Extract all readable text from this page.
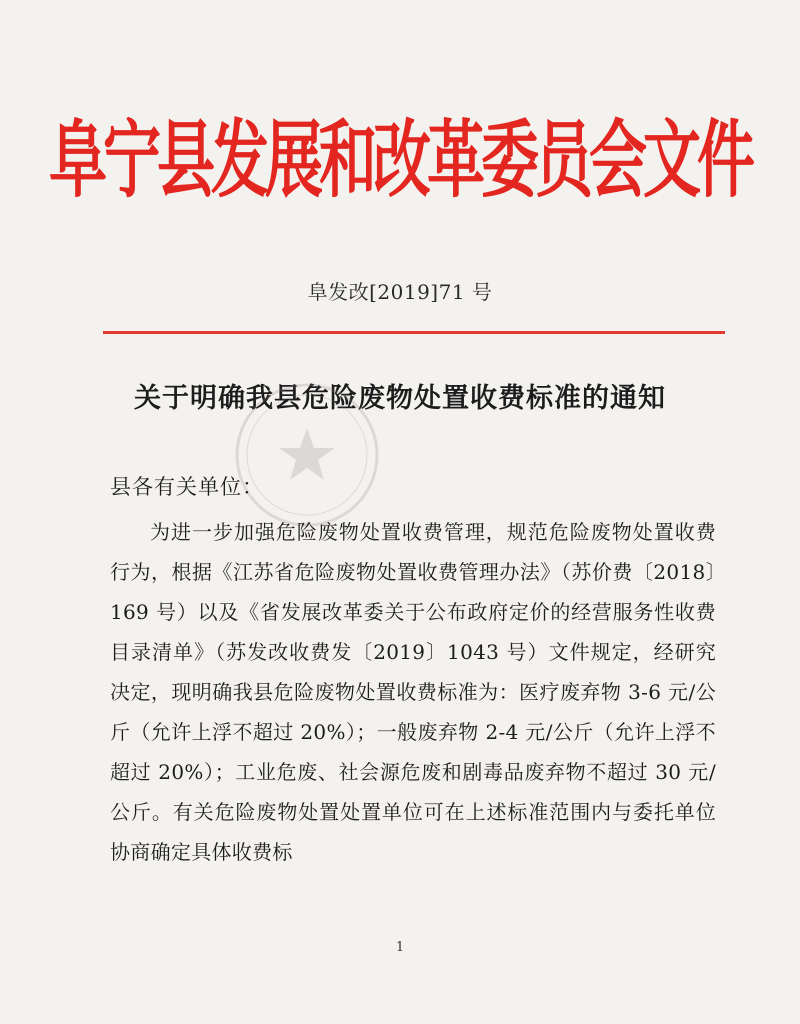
阜宁县发展和改革委员会文件
阜发改[2019]71 号
关于明确我县危险废物处置收费标准的通知
县各有关单位：

为进一步加强危险废物处置收费管理，规范危险废物处置收费行为，根据《江苏省危险废物处置收费管理办法》（苏价费〔2018〕169 号）以及《省发展改革委关于公布政府定价的经营服务性收费目录清单》（苏发改收费发〔2019〕1043 号）文件规定，经研究决定，现明确我县危险废物处置收费标准为：医疗废弃物 3-6 元/公斤（允许上浮不超过 20%）；一般废弃物 2-4 元/公斤（允许上浮不超过 20%）；工业危废、社会源危废和剧毒品废弃物不超过 30 元/公斤。有关危险废物处置处置单位可在上述标准范围内与委托单位协商确定具体收费标

1
